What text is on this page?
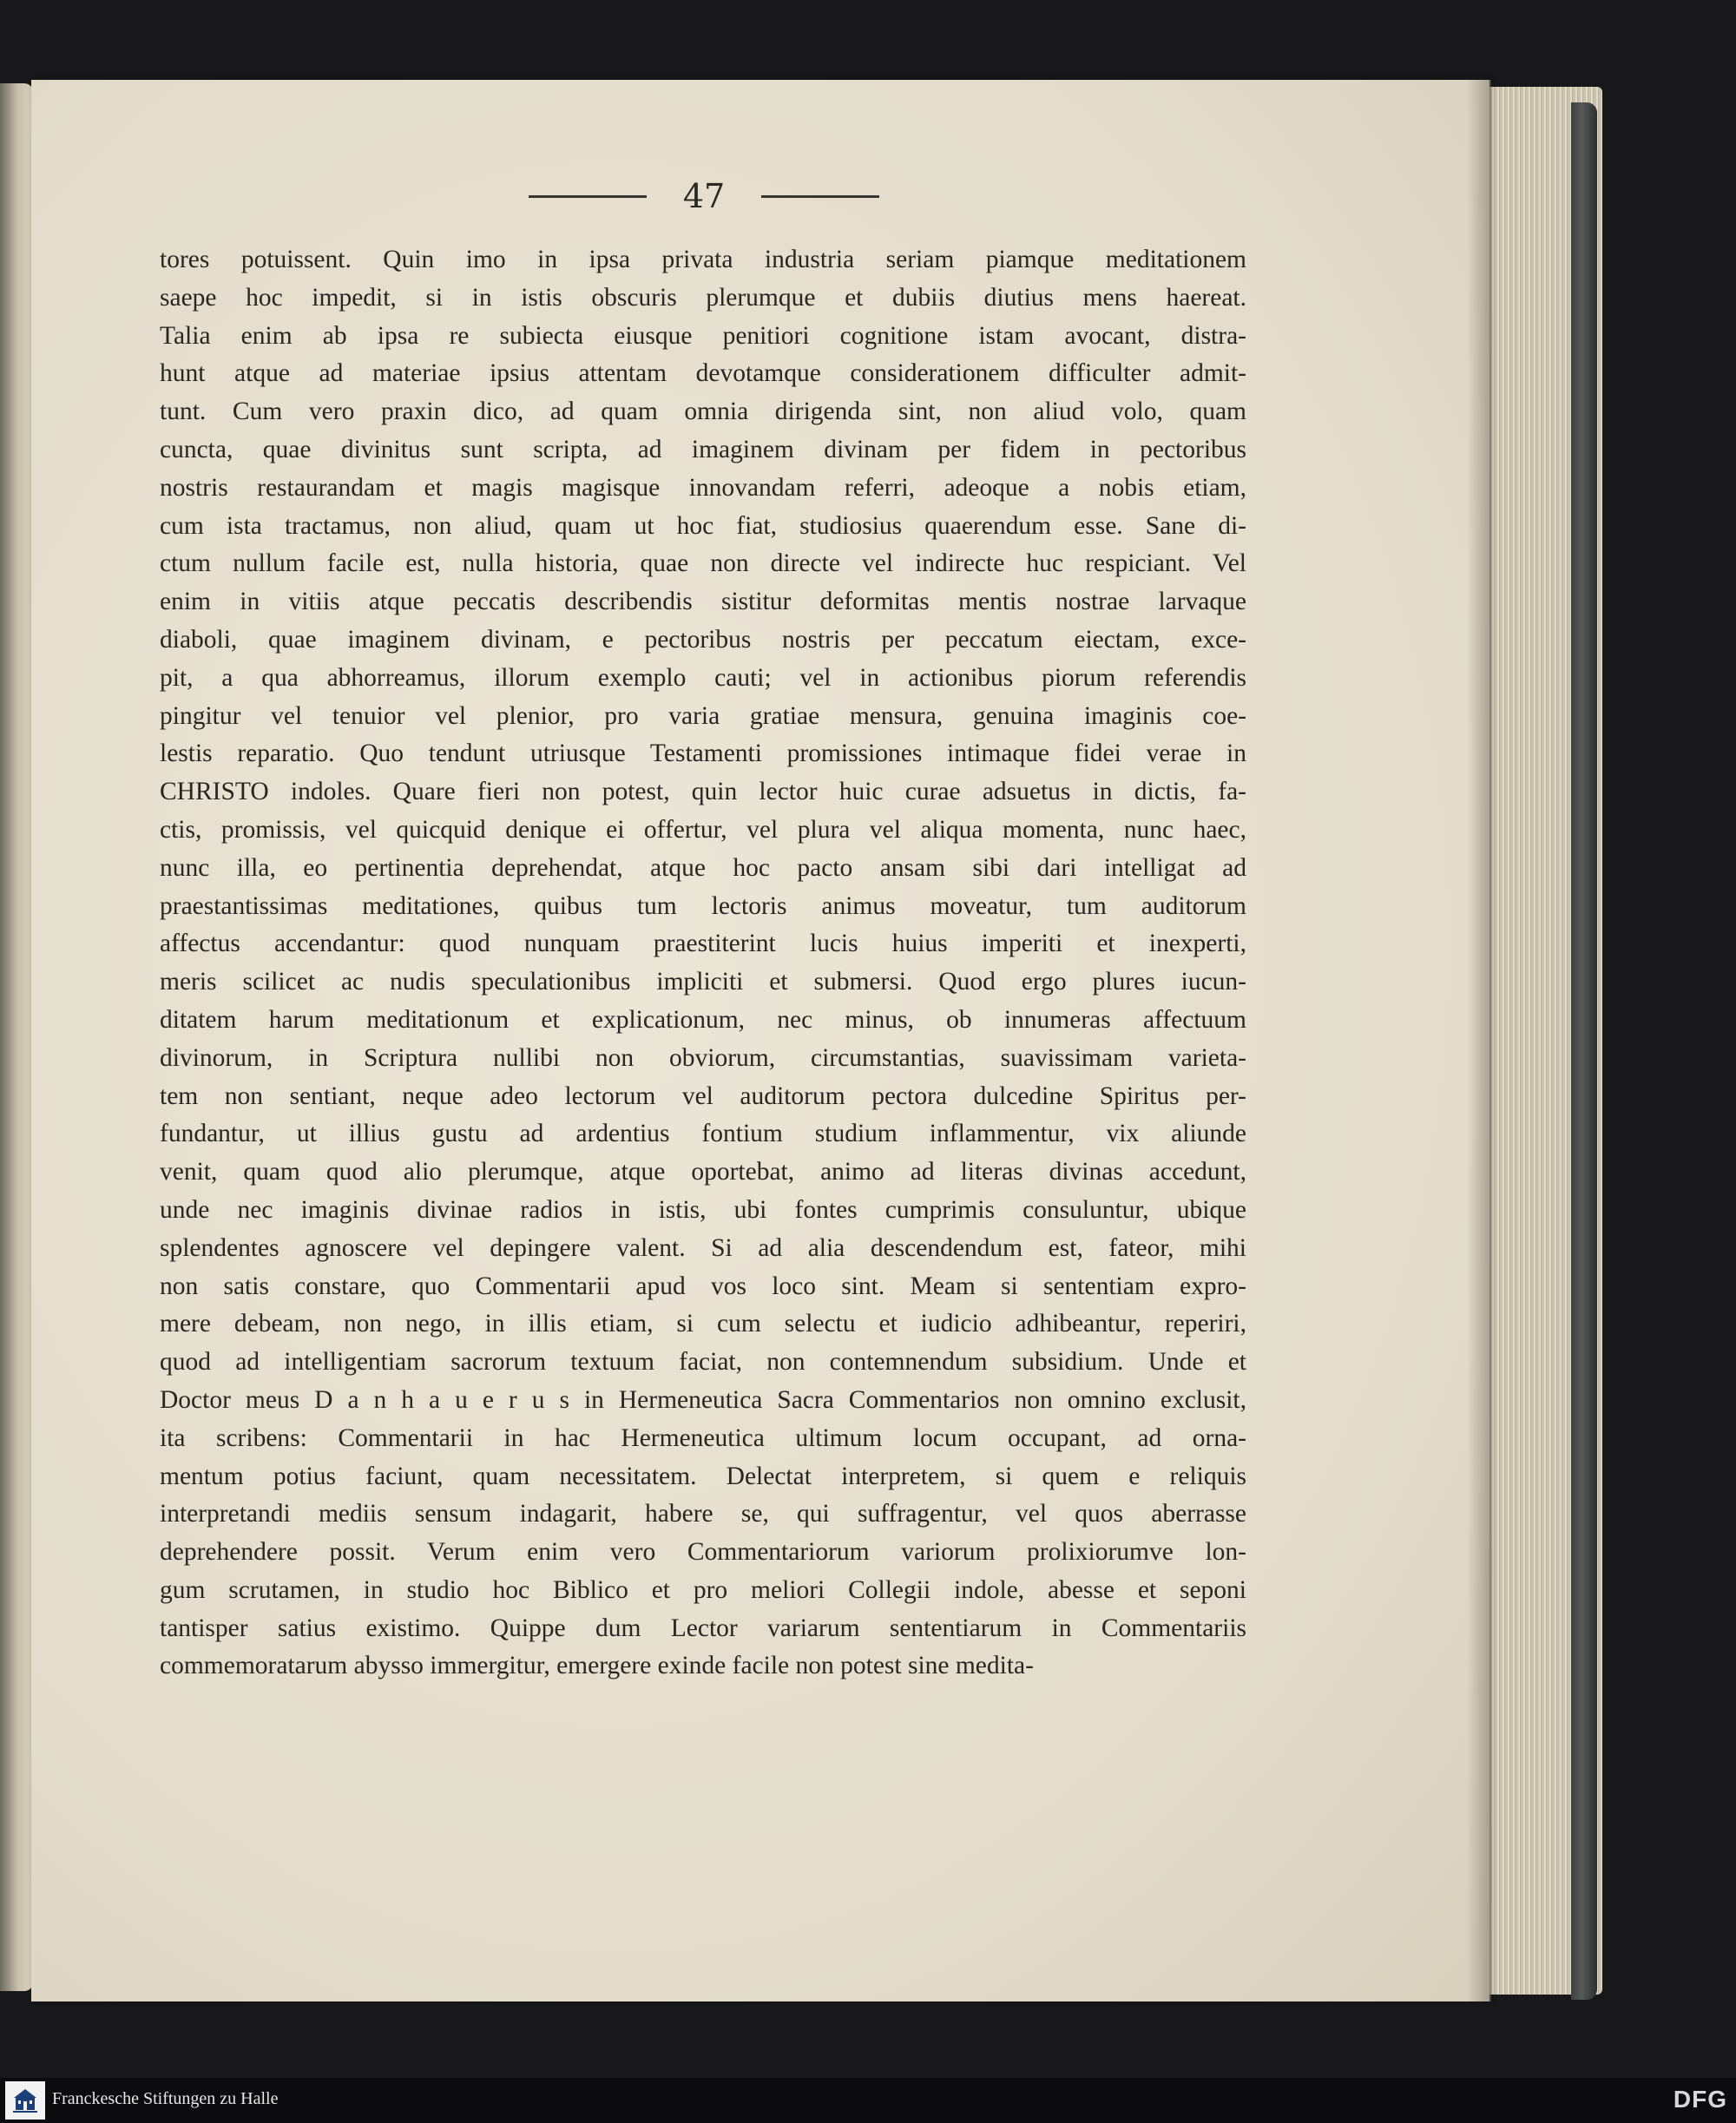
47
tores potuissent. Quin imo in ipsa privata industria seriam piamque meditationem
saepe hoc impedit, si in istis obscuris plerumque et dubiis diutius mens haereat.
Talia enim ab ipsa re subiecta eiusque penitiori cognitione istam avocant, distra-
hunt atque ad materiae ipsius attentam devotamque considerationem difficulter admit-
tunt. Cum vero praxin dico, ad quam omnia dirigenda sint, non aliud volo, quam
cuncta, quae divinitus sunt scripta, ad imaginem divinam per fidem in pectoribus
nostris restaurandam et magis magisque innovandam referri, adeoque a nobis etiam,
cum ista tractamus, non aliud, quam ut hoc fiat, studiosius quaerendum esse. Sane di-
ctum nullum facile est, nulla historia, quae non directe vel indirecte huc respiciant. Vel
enim in vitiis atque peccatis describendis sistitur deformitas mentis nostrae larvaque
diaboli, quae imaginem divinam, e pectoribus nostris per peccatum eiectam, exce-
pit, a qua abhorreamus, illorum exemplo cauti; vel in actionibus piorum referendis
pingitur vel tenuior vel plenior, pro varia gratiae mensura, genuina imaginis coe-
lestis reparatio. Quo tendunt utriusque Testamenti promissiones intimaque fidei verae in
CHRISTO indoles. Quare fieri non potest, quin lector huic curae adsuetus in dictis, fa-
ctis, promissis, vel quicquid denique ei offertur, vel plura vel aliqua momenta, nunc haec,
nunc illa, eo pertinentia deprehendat, atque hoc pacto ansam sibi dari intelligat ad
praestantissimas meditationes, quibus tum lectoris animus moveatur, tum auditorum
affectus accendantur: quod nunquam praestiterint lucis huius imperiti et inexperti,
meris scilicet ac nudis speculationibus impliciti et submersi. Quod ergo plures iucun-
ditatem harum meditationum et explicationum, nec minus, ob innumeras affectuum
divinorum, in Scriptura nullibi non obviorum, circumstantias, suavissimam varieta-
tem non sentiant, neque adeo lectorum vel auditorum pectora dulcedine Spiritus per-
fundantur, ut illius gustu ad ardentius fontium studium inflammentur, vix aliunde
venit, quam quod alio plerumque, atque oportebat, animo ad literas divinas accedunt,
unde nec imaginis divinae radios in istis, ubi fontes cumprimis consuluntur, ubique
splendentes agnoscere vel depingere valent. Si ad alia descendendum est, fateor, mihi
non satis constare, quo Commentarii apud vos loco sint. Meam si sententiam expro-
mere debeam, non nego, in illis etiam, si cum selectu et iudicio adhibeantur, reperiri,
quod ad intelligentiam sacrorum textuum faciat, non contemnendum subsidium. Unde et
Doctor meus D a n h a u e r u s in Hermeneutica Sacra Commentarios non omnino exclusit,
ita scribens: Commentarii in hac Hermeneutica ultimum locum occupant, ad orna-
mentum potius faciunt, quam necessitatem. Delectat interpretem, si quem e reliquis
interpretandi mediis sensum indagarit, habere se, qui suffragentur, vel quos aberrasse
deprehendere possit. Verum enim vero Commentariorum variorum prolixiorumve lon-
gum scrutamen, in studio hoc Biblico et pro meliori Collegii indole, abesse et seponi
tantisper satius existimo. Quippe dum Lector variarum sententiarum in Commentariis
commemoratarum abysso immergitur, emergere exinde facile non potest sine medita-
Franckesche Stiftungen zu Halle	DFG
